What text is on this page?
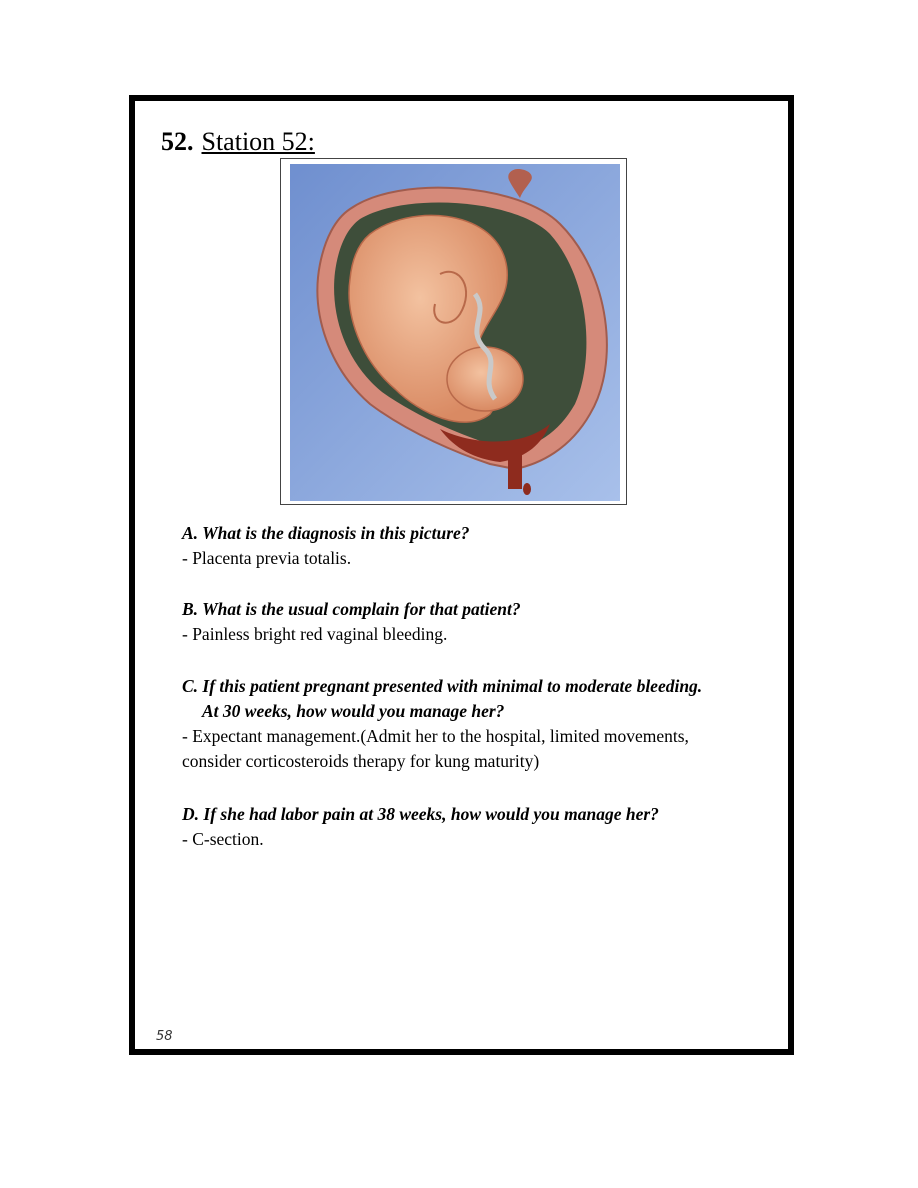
52. Station 52:

A. What is the diagnosis in this picture?

- Placenta previa totalis.

B. What is the usual complain for that patient?

- Painless bright red vaginal bleeding.

C. If this patient pregnant presented with minimal to moderate bleeding.

At 30 weeks, how would you manage her?

- Expectant management.(Admit her to the hospital, limited movements,

consider corticosteroids therapy for kung maturity)

D. If she had labor pain at 38 weeks, how would you manage her?

- C-section.

58
